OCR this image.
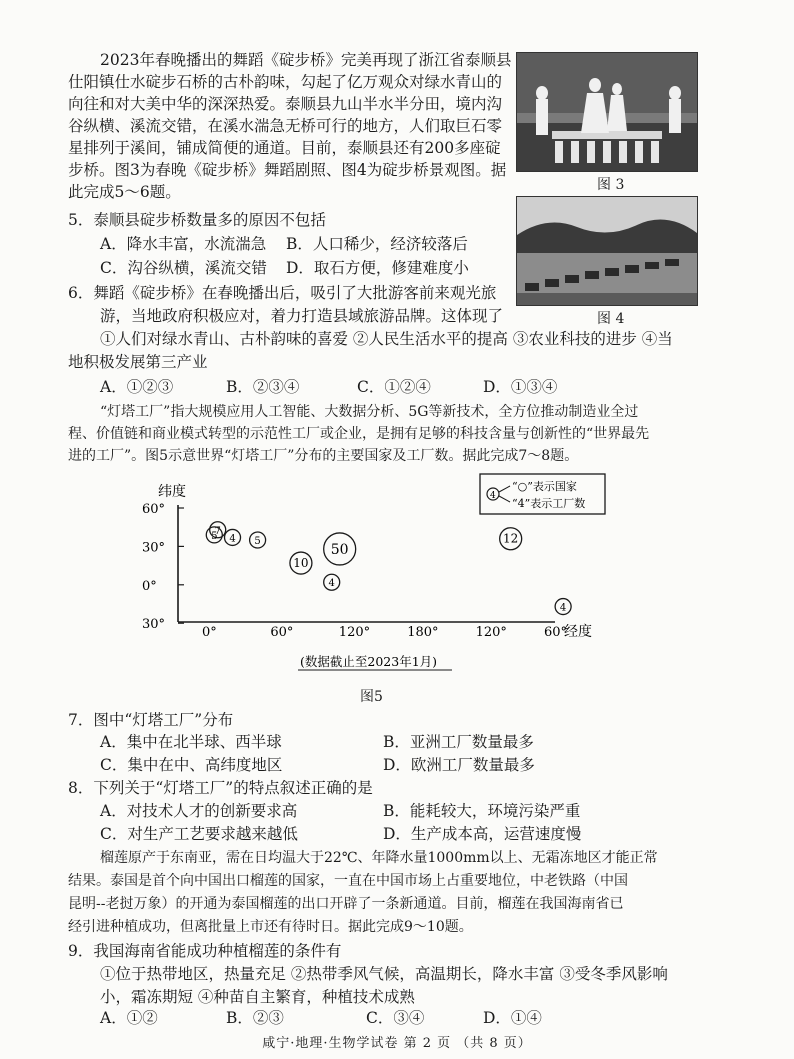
2023年春晚播出的舞蹈《碇步桥》完美再现了浙江省泰顺县
仕阳镇仕水碇步石桥的古朴韵味，勾起了亿万观众对绿水青山的
向往和对大美中华的深深热爱。泰顺县九山半水半分田，境内沟
谷纵横、溪流交错，在溪水湍急无桥可行的地方，人们取巨石零
星排列于溪间，铺成简便的通道。目前，泰顺县还有200多座碇
步桥。图3为春晚《碇步桥》舞蹈剧照、图4为碇步桥景观图。据
此完成5～6题。	图 3
图 4
5．泰顺县碇步桥数量多的原因不包括
A．降水丰富，水流湍急 B．人口稀少，经济较落后
C．沟谷纵横，溪流交错 D．取石方便，修建难度小
6．舞蹈《碇步桥》在春晚播出后，吸引了大批游客前来观光旅
游，当地政府积极应对，着力打造县域旅游品牌。这体现了
①人们对绿水青山、古朴韵味的喜爱 ②人民生活水平的提高 ③农业科技的进步 ④当
地积极发展第三产业
A．①②③	B．②③④	C．①②④	D．①③④
“灯塔工厂”指大规模应用人工智能、大数据分析、5G等新技术，全方位推动制造业全过
程、价值链和商业模式转型的示范性工厂或企业，是拥有足够的科技含量与创新性的“世界最先
进的工厂”。图5示意世界“灯塔工厂”分布的主要国家及工厂数。据此完成7～8题。
纬度
经度
4
“○”表示国家
“4”表示工厂数
(数据截止至2023年1月)
60°
30°
0°
30°
0°	60°	120°	180°	120°	60°
7
5 4 5
10
50
4
12
4
图5
7．图中“灯塔工厂”分布
A．集中在北半球、西半球	B．亚洲工厂数量最多
C．集中在中、高纬度地区	D．欧洲工厂数量最多
8．下列关于“灯塔工厂”的特点叙述正确的是
A．对技术人才的创新要求高	B．能耗较大，环境污染严重
C．对生产工艺要求越来越低	D．生产成本高，运营速度慢
榴莲原产于东南亚，需在日均温大于22℃、年降水量1000mm以上、无霜冻地区才能正常
结果。泰国是首个向中国出口榴莲的国家，一直在中国市场上占重要地位，中老铁路（中国
昆明--老挝万象）的开通为泰国榴莲的出口开辟了一条新通道。目前，榴莲在我国海南省已
经引进种植成功，但离批量上市还有待时日。据此完成9～10题。
9．我国海南省能成功种植榴莲的条件有
①位于热带地区，热量充足 ②热带季风气候，高温期长，降水丰富 ③受冬季风影响
小，霜冻期短 ④种苗自主繁育，种植技术成熟
咸宁·地理·生物学试卷 第 2 页 （共 8 页）
A．①②	B．②③	C．③④	D．①④
